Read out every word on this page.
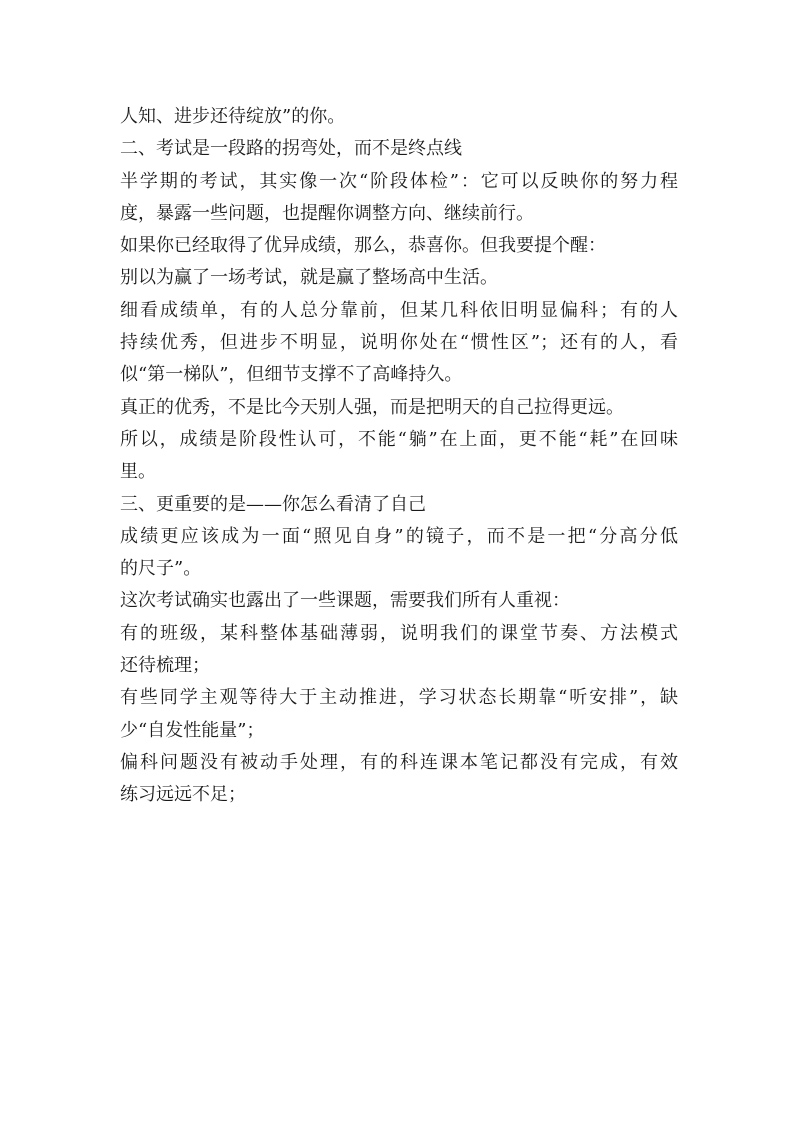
人知、进步还待绽放”的你。
二、考试是一段路的拐弯处，而不是终点线
半学期的考试，其实像一次“阶段体检”：它可以反映你的努力程
度，暴露一些问题，也提醒你调整方向、继续前行。
如果你已经取得了优异成绩，那么，恭喜你。但我要提个醒：
别以为赢了一场考试，就是赢了整场高中生活。
细看成绩单，有的人总分靠前，但某几科依旧明显偏科；有的人
持续优秀，但进步不明显，说明你处在“惯性区”；还有的人，看
似“第一梯队”，但细节支撑不了高峰持久。
真正的优秀，不是比今天别人强，而是把明天的自己拉得更远。
所以，成绩是阶段性认可，不能“躺”在上面，更不能“耗”在回味
里。
三、更重要的是——你怎么看清了自己
成绩更应该成为一面“照见自身”的镜子，而不是一把“分高分低
的尺子”。
这次考试确实也露出了一些课题，需要我们所有人重视：
有的班级，某科整体基础薄弱，说明我们的课堂节奏、方法模式
还待梳理；
有些同学主观等待大于主动推进，学习状态长期靠“听安排”，缺
少“自发性能量”；
偏科问题没有被动手处理，有的科连课本笔记都没有完成，有效
练习远远不足；
